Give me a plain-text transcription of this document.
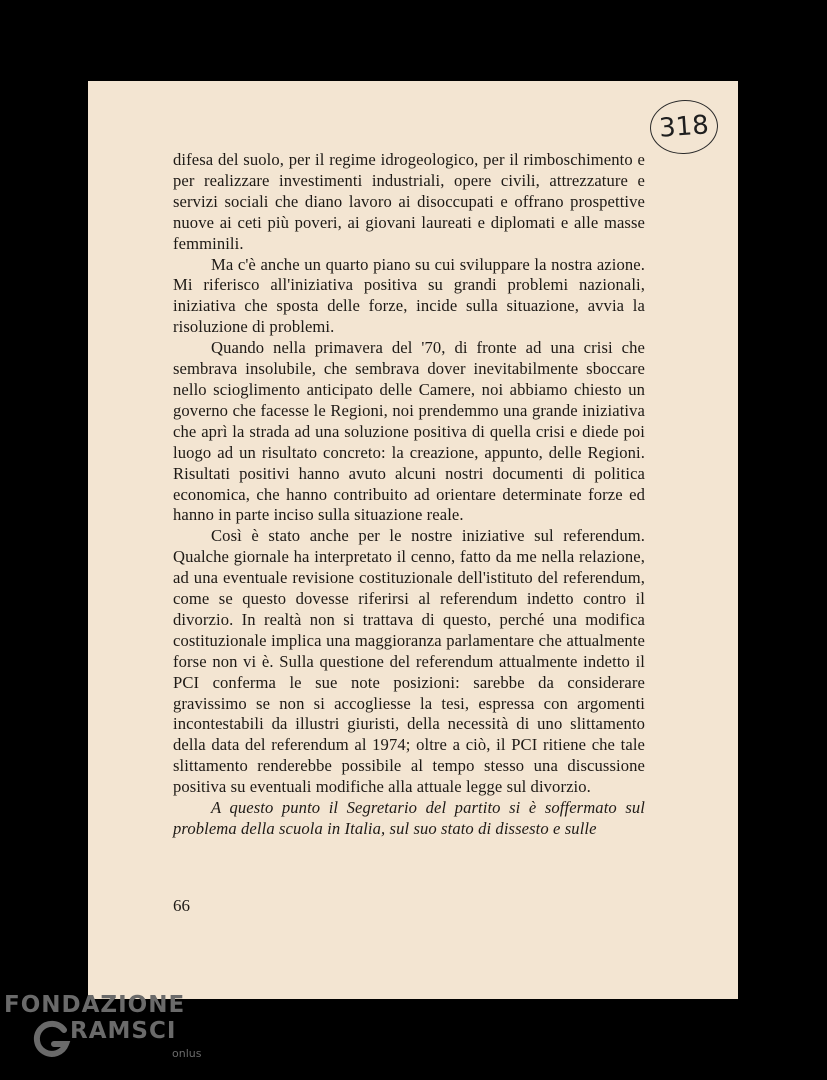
318

difesa del suolo, per il regime idrogeologico, per il rimboschimento e per realizzare investimenti industriali, opere civili, attrezzature e servizi sociali che diano lavoro ai disoccupati e offrano prospettive nuove ai ceti più poveri, ai giovani laureati e diplomati e alle masse femminili.

Ma c'è anche un quarto piano su cui sviluppare la nostra azione. Mi riferisco all'iniziativa positiva su grandi problemi nazionali, iniziativa che sposta delle forze, incide sulla situazione, avvia la risoluzione di problemi.

Quando nella primavera del '70, di fronte ad una crisi che sembrava insolubile, che sembrava dover inevitabilmente sboccare nello scioglimento anticipato delle Camere, noi abbiamo chiesto un governo che facesse le Regioni, noi prendemmo una grande iniziativa che aprì la strada ad una soluzione positiva di quella crisi e diede poi luogo ad un risultato concreto: la creazione, appunto, delle Regioni. Risultati positivi hanno avuto alcuni nostri documenti di politica economica, che hanno contribuito ad orientare determinate forze ed hanno in parte inciso sulla situazione reale.

Così è stato anche per le nostre iniziative sul referendum. Qualche giornale ha interpretato il cenno, fatto da me nella relazione, ad una eventuale revisione costituzionale dell'istituto del referendum, come se questo dovesse riferirsi al referendum indetto contro il divorzio. In realtà non si trattava di questo, perché una modifica costituzionale implica una maggioranza parlamentare che attualmente forse non vi è. Sulla questione del referendum attualmente indetto il PCI conferma le sue note posizioni: sarebbe da considerare gravissimo se non si accogliesse la tesi, espressa con argomenti incontestabili da illustri giuristi, della necessità di uno slittamento della data del referendum al 1974; oltre a ciò, il PCI ritiene che tale slittamento renderebbe possibile al tempo stesso una discussione positiva su eventuali modifiche alla attuale legge sul divorzio.

A questo punto il Segretario del partito si è soffermato sul problema della scuola in Italia, sul suo stato di dissesto e sulle

66
FONDAZIONE
RAMSCI
onlus
